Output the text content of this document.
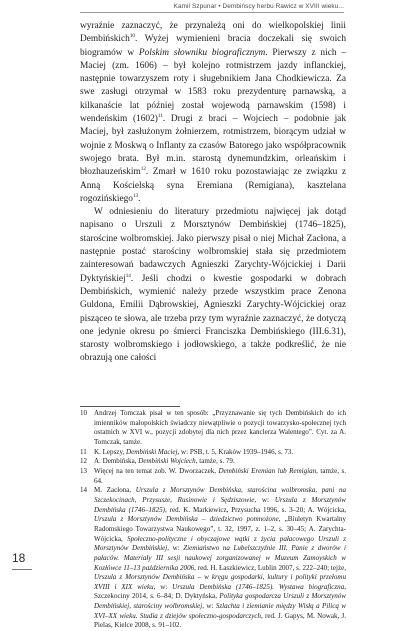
Kamil Szpunar • Dembińscy herbu Rawicz w XVIII wieku...

wyraźnie zaznaczyć, że przynależą oni do wielkopolskiej linii Dembińskich$^{10}$. Wyżej wymienieni bracia doczekali się swoich biogramów w Polskim słowniku biograficznym. Pierwszy z nich – Maciej (zm. 1606) – był kolejno rotmistrzem jazdy inflanckiej, następnie towarzyszem roty i sługebnikiem Jana Chodkiewicza. Za swe zasługi otrzymał w 1583 roku prezydenturę parnawską, a kilkanaście lat później został wojewodą parnawskim (1598) i wendeńskim $(1602)^{11}$. Drugi z braci – Wojciech – podobnie jak Maciej, był zasłużonym żołnierzem, rotmistrzem, biorącym udział w wojnie z Moskwą o Inflanty za czasów Batorego jako współpracownik swojego brata. Był m.in. starostą dynemundzkim, orleańskim i błozhauzeńskim$^{12}$. Zmarł w 1610 roku pozostawiając ze związku z Anną Kościelską syna Eremiana (Remigiana), kasztelana rogozińskiego$^{13}$.

W odniesieniu do literatury przedmiotu najwięcej jak dotąd napisano o Urszuli z Morsztynów Dembińskiej (1746–1825), starościne wolbromskiej. Jako pierwszy pisał o niej Michał Zacłona, a następnie postać starościny wolbromskiej stała się przedmiotem zainteresowań badawczych Agnieszki Zarychty-Wójcickiej i Darii Dyktyńskiej$^{14}$. Jeśli chodzi o kwestie gospodarki w dobrach Dembińskich, wymienić należy przede wszystkim prace Zenona Guldona, Emilii Dąbrowskiej, Agnieszki Zarychty-Wójcickiej oraz pisząceo te słowa, ale trzeba przy tym wyraźnie zaznaczyć, że dotyczą one jedynie okresu po śmierci Franciszka Dembińskiego (III.6.31), starosty wolbromskiego i jodłowskiego, a także podkreślić, że nie obrazują one całości

10 Andrzej Tomczak pisał w ten sposób: „Przyznawanie się tych Dembińskich do ich imienników małopolskich świadczy niewątpliwie o pozycji towarzysko-społecznej tych ostatnich w XVI w., pozycji zdobytej dla nich przez kanclerza Walentego”. Cyt. za A. Tomczak, tamże.
11	K. Lepszy, Dembiński Maciej, w: PSB, t. 5, Kraków 1939–1946, s. 73.
12 A. Dembińska, Dembiński Wojciech, tamże, s. 79.
13 Więcej na ten temat zob. W. Dworzaczek, Dembiński Eremian lub Remigian, tamże, s. 64.
14 M. Zacłona, Urszula z Morsztynów Dembińska, starościna wolbromska, pani na Szczekocinach, Przysusze, Rusinowie i Sędziszowie, w: Urszula z Morsztynów Dembińska (1746–1825), red. K. Markiewicz, Przysucha 1996, s. 3–20; A. Wójcicka, Urszula z Morsztynów Dembińska – dziedzictwo pomnożone, „Biuletyn Kwartalny Radomskiego Towarzystwa Naukowego”, t. 32, 1997, z. 1–2, s. 30–45; A. Zarychta-Wójcicka, Społeczno-polityczne i obyczajowe wątki z życia pałacowego Urszuli z Morsztynów Dembińskiej, w: Ziemiaństwo na Lubelszczyźnie III. Panie z dworów i pałaców. Materiały III sesji naukowej zorganizowanej w Muzeum Zamoyskich w Kozłówce 11–13 października 2006, red. H. Łaszkiewicz, Lublin 2007, s. 222–240; tejże, Urszula z Morsztynów Dembińska – w kręgu gospodarki, kultury i polityki przełomu XVIII i XIX wieku, w: Urszula Dembińska (1746–1825). Wystawa biograficzna, Szczekociny 2014, s. 6–84; D. Dyktyńska, Polityka gospodarcza Urszuli z Morsztynów Dembińskiej, starościny wolbromskiej, w: Szlachta i ziemianie między Wisłą a Pilicą w XVI–XX wieku. Studia z dziejów społeczno-gospodarczych, red. J. Gapys, M. Nowak, J. Pielas, Kielce 2008, s. 91–102.
18
